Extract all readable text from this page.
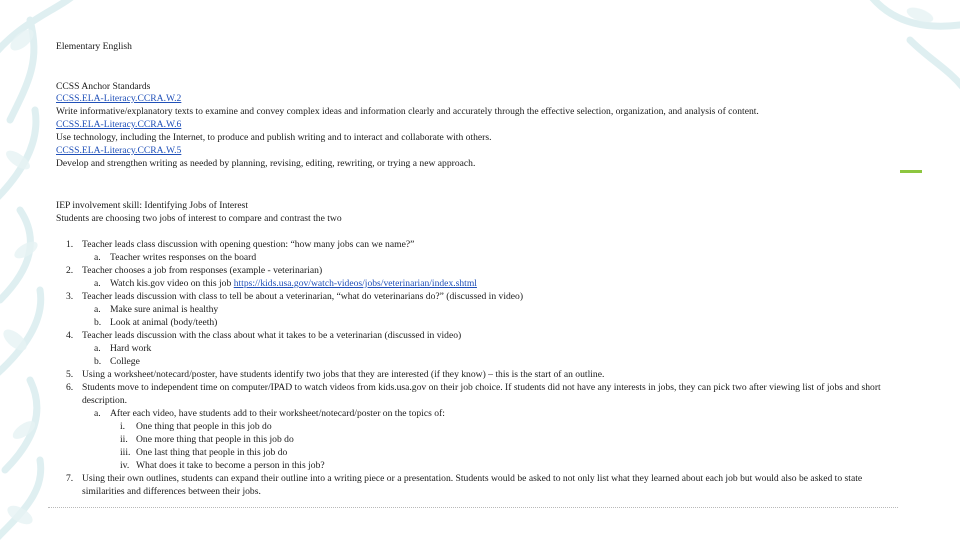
Elementary English
CCSS Anchor Standards
CCSS.ELA-Literacy.CCRA.W.2
Write informative/explanatory texts to examine and convey complex ideas and information clearly and accurately through the effective selection, organization, and analysis of content.
CCSS.ELA-Literacy.CCRA.W.6
Use technology, including the Internet, to produce and publish writing and to interact and collaborate with others.
CCSS.ELA-Literacy.CCRA.W.5
Develop and strengthen writing as needed by planning, revising, editing, rewriting, or trying a new approach.
IEP involvement skill: Identifying Jobs of Interest
Students are choosing two jobs of interest to compare and contrast the two
1. Teacher leads class discussion with opening question: “how many jobs can we name?”
a. Teacher writes responses on the board
2. Teacher chooses a job from responses (example - veterinarian)
a. Watch kis.gov video on this job https://kids.usa.gov/watch-videos/jobs/veterinarian/index.shtml
3. Teacher leads discussion with class to tell be about a veterinarian, “what do veterinarians do?” (discussed in video)
a. Make sure animal is healthy
b. Look at animal (body/teeth)
4. Teacher leads discussion with the class about what it takes to be a veterinarian (discussed in video)
a. Hard work
b. College
5. Using a worksheet/notecard/poster, have students identify two jobs that they are interested (if they know) – this is the start of an outline.
6. Students move to independent time on computer/IPAD to watch videos from kids.usa.gov on their job choice. If students did not have any interests in jobs, they can pick two after viewing list of jobs and short
description.
a. After each video, have students add to their worksheet/notecard/poster on the topics of:
i. One thing that people in this job do
ii. One more thing that people in this job do
iii. One last thing that people in this job do
iv. What does it take to become a person in this job?
7. Using their own outlines, students can expand their outline into a writing piece or a presentation. Students would be asked to not only list what they learned about each job but would also be asked to state
similarities and differences between their jobs.
